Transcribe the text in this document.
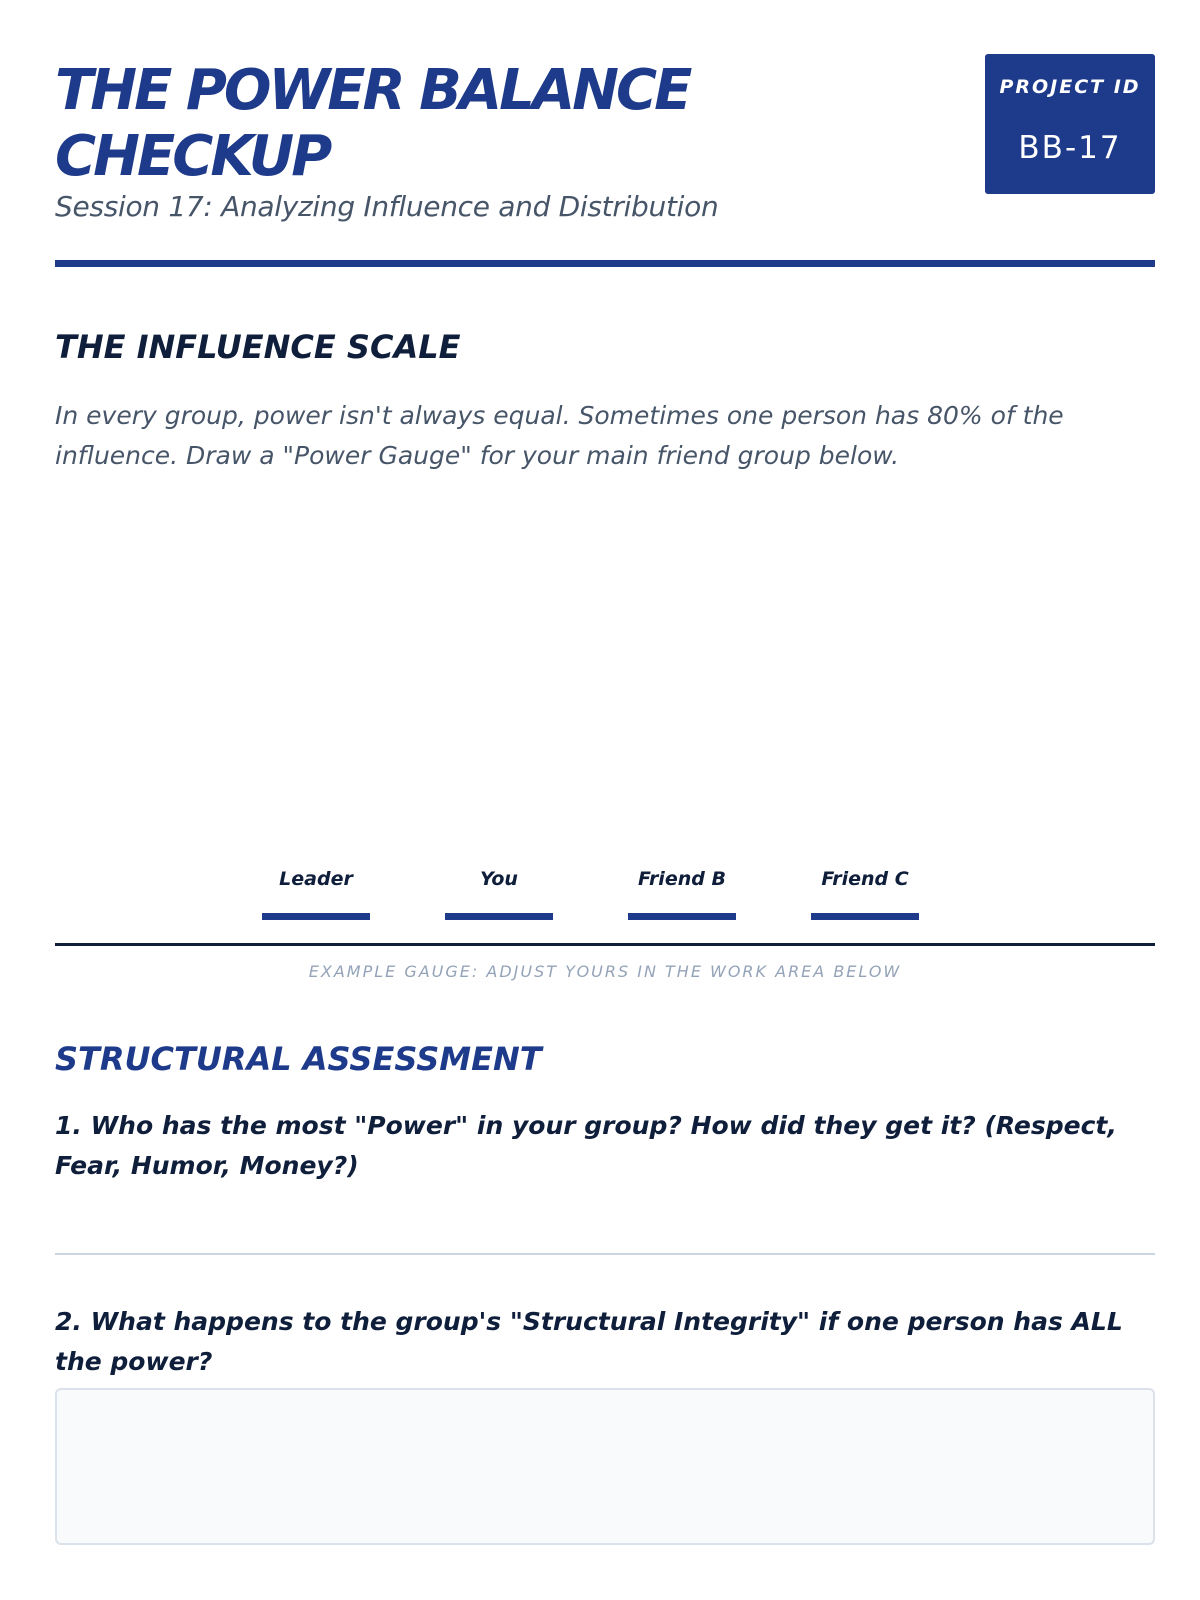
THE POWER BALANCE CHECKUP
Session 17: Analyzing Influence and Distribution
PROJECT ID
BB-17
THE INFLUENCE SCALE
In every group, power isn't always equal. Sometimes one person has 80% of the influence. Draw a "Power Gauge" for your main friend group below.
Leader	You	Friend B	Friend C
EXAMPLE GAUGE: ADJUST YOURS IN THE WORK AREA BELOW
STRUCTURAL ASSESSMENT
1. Who has the most "Power" in your group? How did they get it? (Respect, Fear, Humor, Money?)
2. What happens to the group's "Structural Integrity" if one person has ALL the power?
